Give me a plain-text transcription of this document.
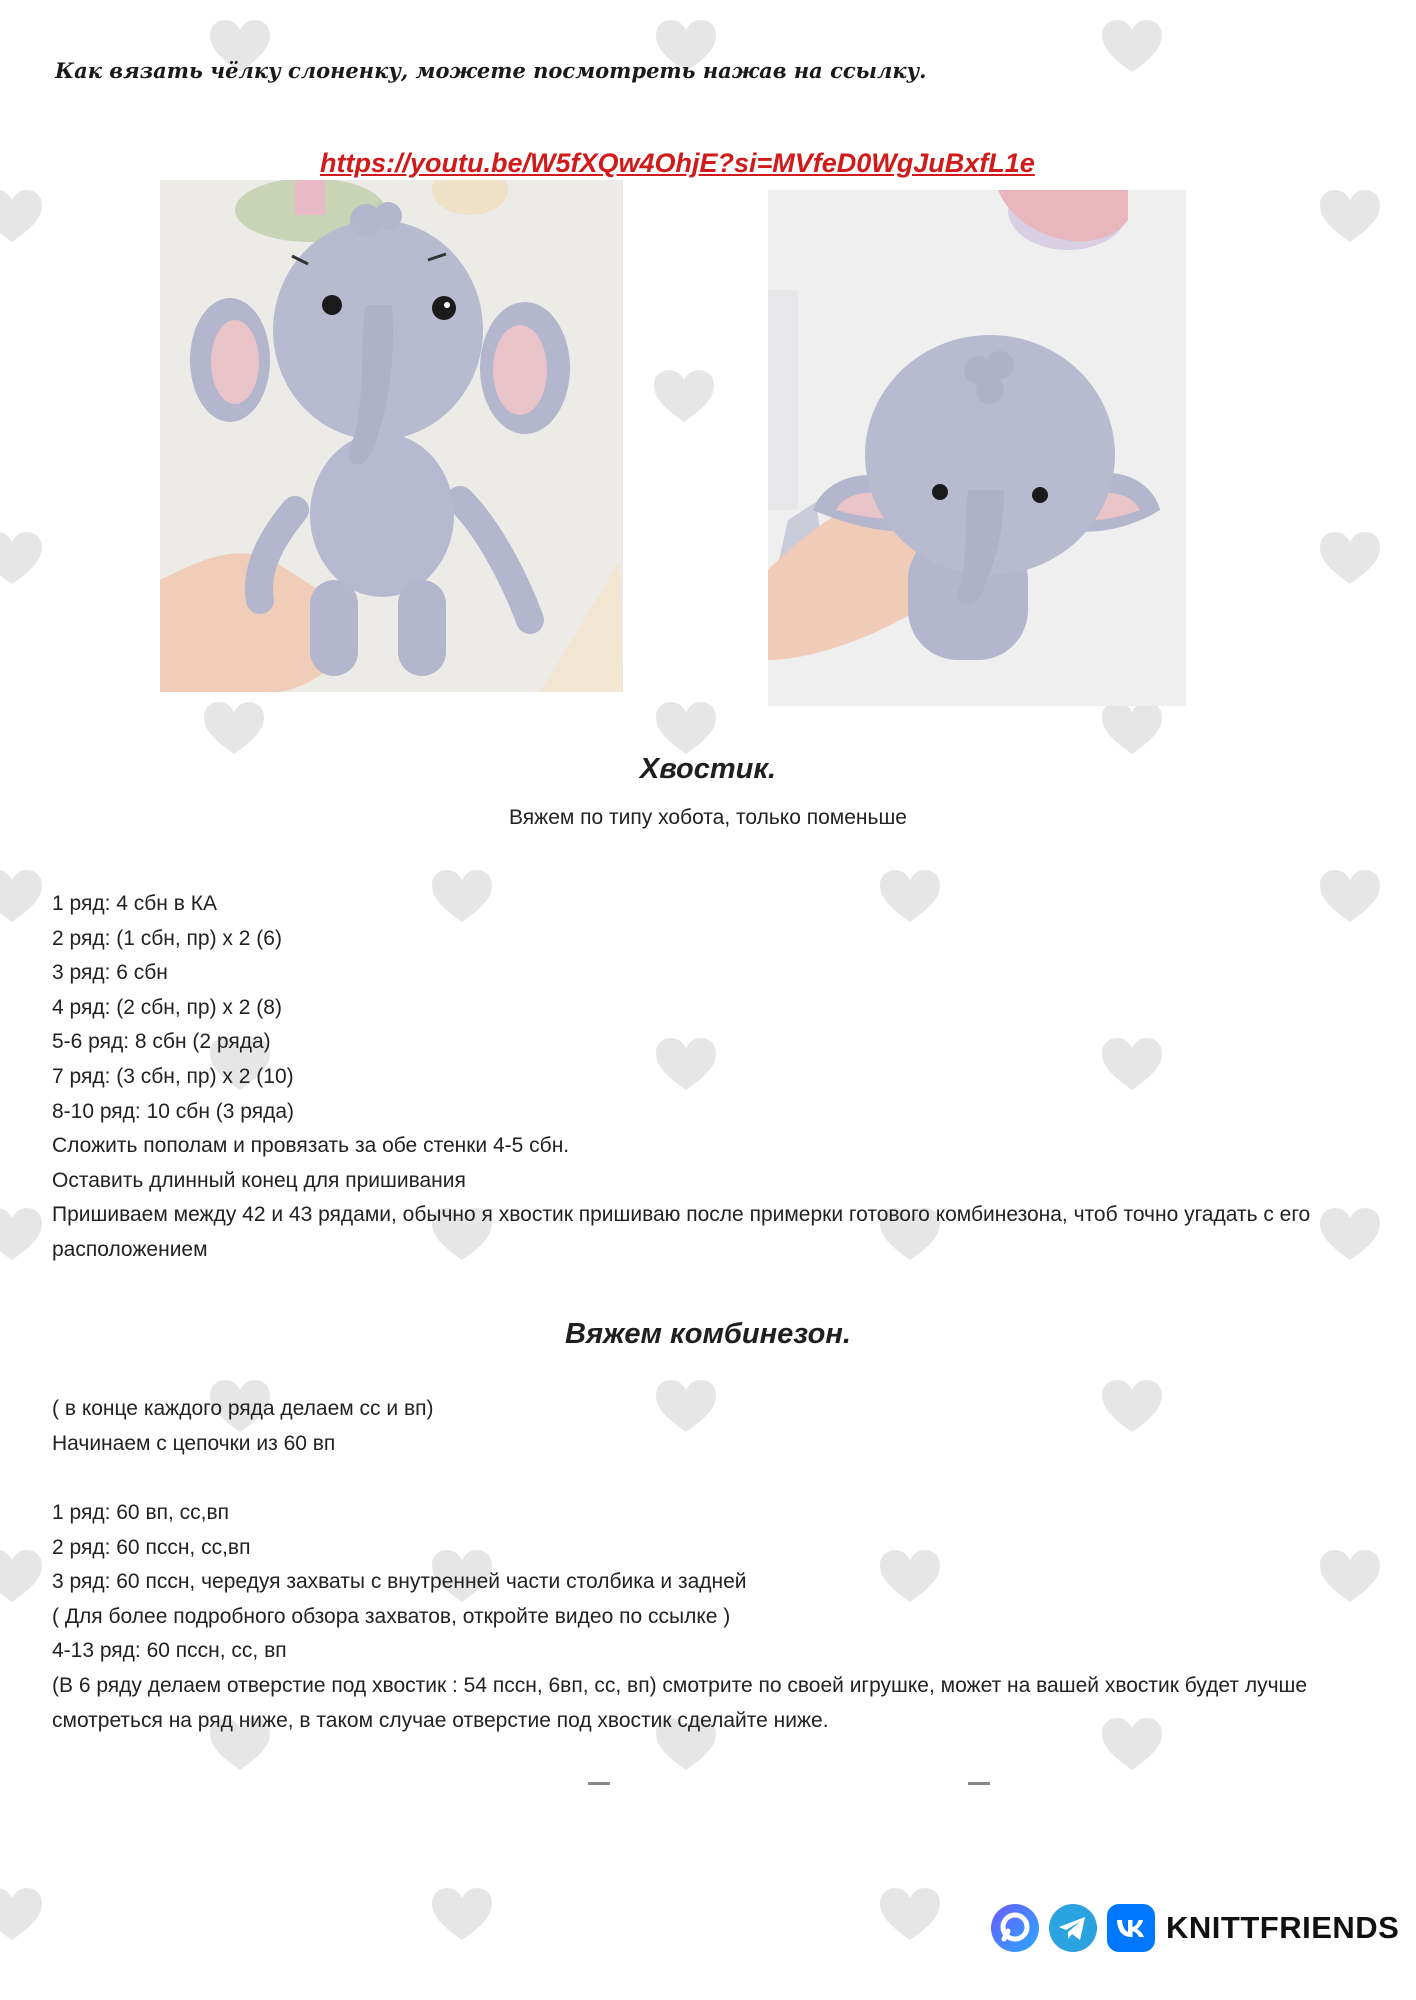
Как вязать чёлку слоненку, можете посмотреть нажав на ссылку.
https://youtu.be/W5fXQw4OhjE?si=MVfeD0WgJuBxfL1e
Хвостик.
Вяжем по типу хобота, только поменьше
1 ряд: 4 сбн в КА
2 ряд: (1 сбн, пр) х 2 (6)
3 ряд: 6 сбн
4 ряд: (2 сбн, пр) х 2 (8)
5-6 ряд: 8 сбн (2 ряда)
7 ряд: (3 сбн, пр) х 2 (10)
8-10 ряд: 10 сбн (3 ряда)
Сложить пополам и провязать за обе стенки 4-5 сбн.
Оставить длинный конец для пришивания
Пришиваем между 42 и 43 рядами, обычно я хвостик пришиваю после примерки готового комбинезона, чтоб точно угадать с его расположением
Вяжем комбинезон.
( в конце каждого ряда делаем сс и вп)
Начинаем с цепочки из 60 вп
1 ряд: 60 вп, сс,вп
2 ряд: 60 пссн, сс,вп
3 ряд: 60 пссн, чередуя захваты с внутренней части столбика и задней
( Для более подробного обзора захватов, откройте видео по ссылке )
4-13 ряд: 60 пссн, сс, вп
(В 6 ряду делаем отверстие под хвостик : 54 пссн, 6вп, сс, вп) смотрите по своей игрушке, может на вашей хвостик будет лучше смотреться на ряд ниже, в таком случае отверстие под хвостик сделайте ниже.
KNITTFRIENDS
